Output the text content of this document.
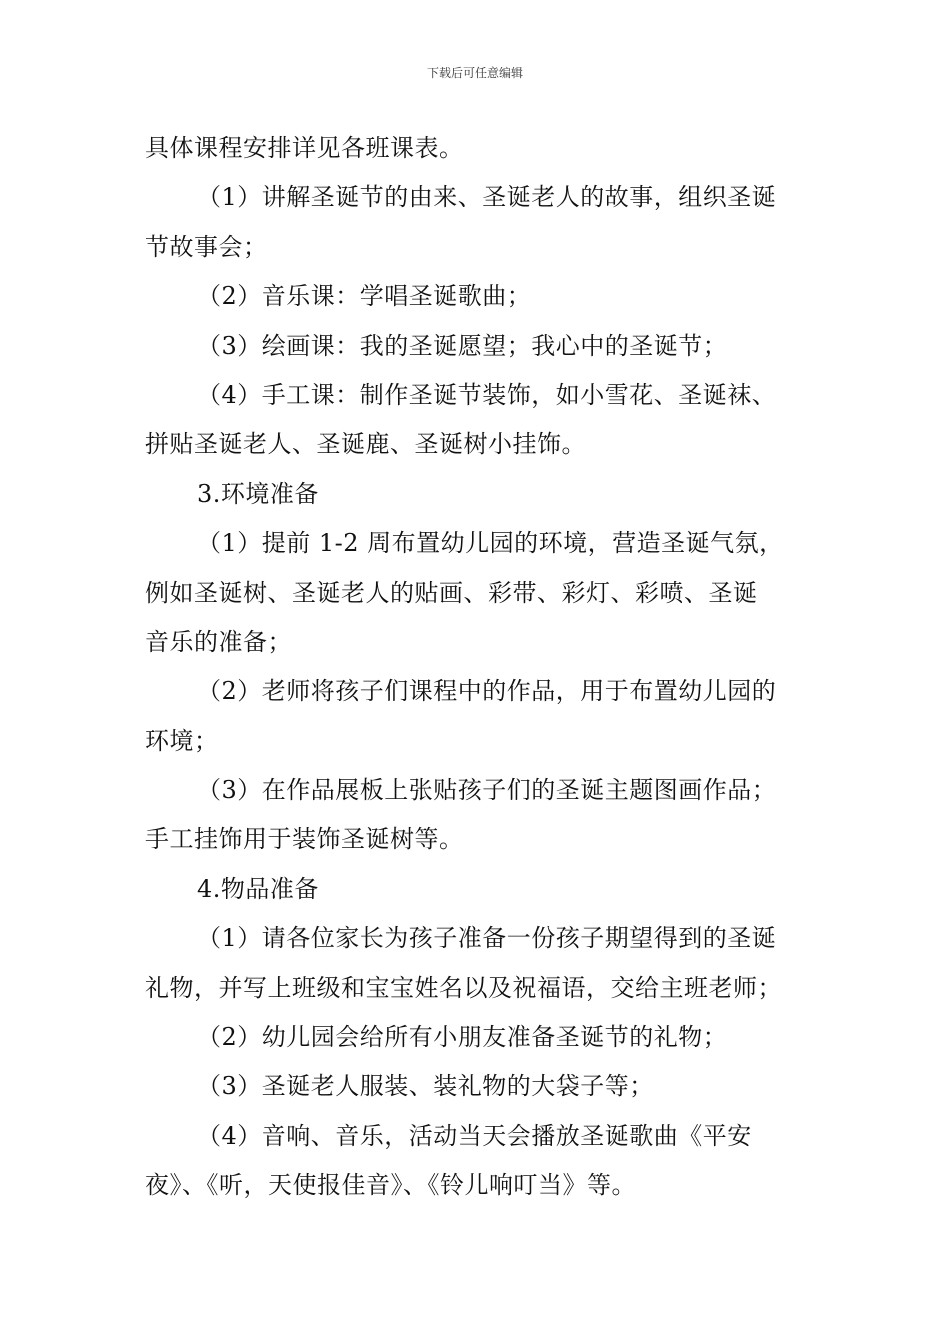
下载后可任意编辑
具体课程安排详见各班课表。
（1）讲解圣诞节的由来、圣诞老人的故事，组织圣诞
节故事会；
（2）音乐课：学唱圣诞歌曲；
（3）绘画课：我的圣诞愿望；我心中的圣诞节；
（4）手工课：制作圣诞节装饰，如小雪花、圣诞袜、
拼贴圣诞老人、圣诞鹿、圣诞树小挂饰。
3.环境准备
（1）提前 1-2 周布置幼儿园的环境，营造圣诞气氛，
例如圣诞树、圣诞老人的贴画、彩带、彩灯、彩喷、圣诞
音乐的准备；
（2）老师将孩子们课程中的作品，用于布置幼儿园的
环境；
（3）在作品展板上张贴孩子们的圣诞主题图画作品；
手工挂饰用于装饰圣诞树等。
4.物品准备
（1）请各位家长为孩子准备一份孩子期望得到的圣诞
礼物，并写上班级和宝宝姓名以及祝福语，交给主班老师；
（2）幼儿园会给所有小朋友准备圣诞节的礼物；
（3）圣诞老人服装、装礼物的大袋子等；
（4）音响、音乐，活动当天会播放圣诞歌曲《平安
夜》、《听，天使报佳音》、《铃儿响叮当》等。
